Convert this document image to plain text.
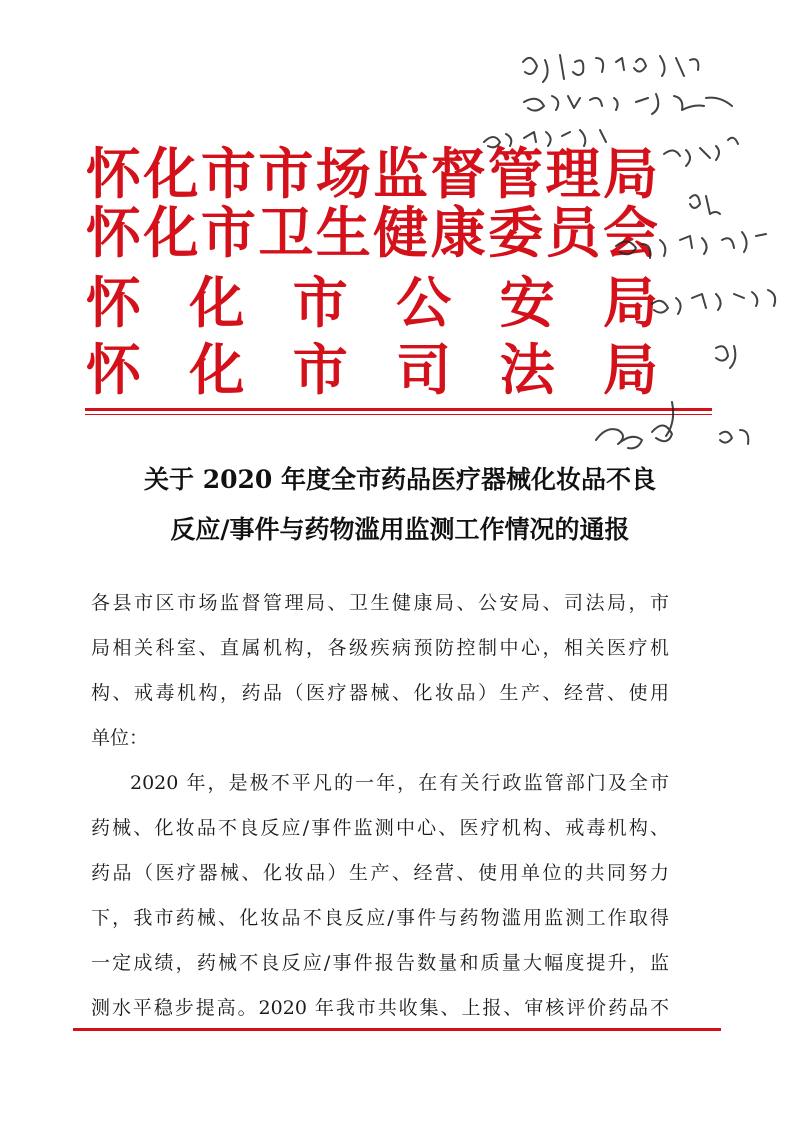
怀 化 市 市 场 监 督 管 理 局
怀 化 市 卫 生 健 康 委 员 会
怀 化 市 公 安 局
怀 化 市 司 法 局
关于 2020 年度全市药品医疗器械化妆品不良
反应/事件与药物滥用监测工作情况的通报
各县市区市场监督管理局、卫生健康局、公安局、司法局，市
局相关科室、直属机构，各级疾病预防控制中心，相关医疗机
构、戒毒机构，药品（医疗器械、化妆品）生产、经营、使用
单位：
2020 年，是极不平凡的一年，在有关行政监管部门及全市
药械、化妆品不良反应/事件监测中心、医疗机构、戒毒机构、
药品（医疗器械、化妆品）生产、经营、使用单位的共同努力
下，我市药械、化妆品不良反应/事件与药物滥用监测工作取得
一定成绩，药械不良反应/事件报告数量和质量大幅度提升，监
测水平稳步提高。2020 年我市共收集、上报、审核评价药品不
